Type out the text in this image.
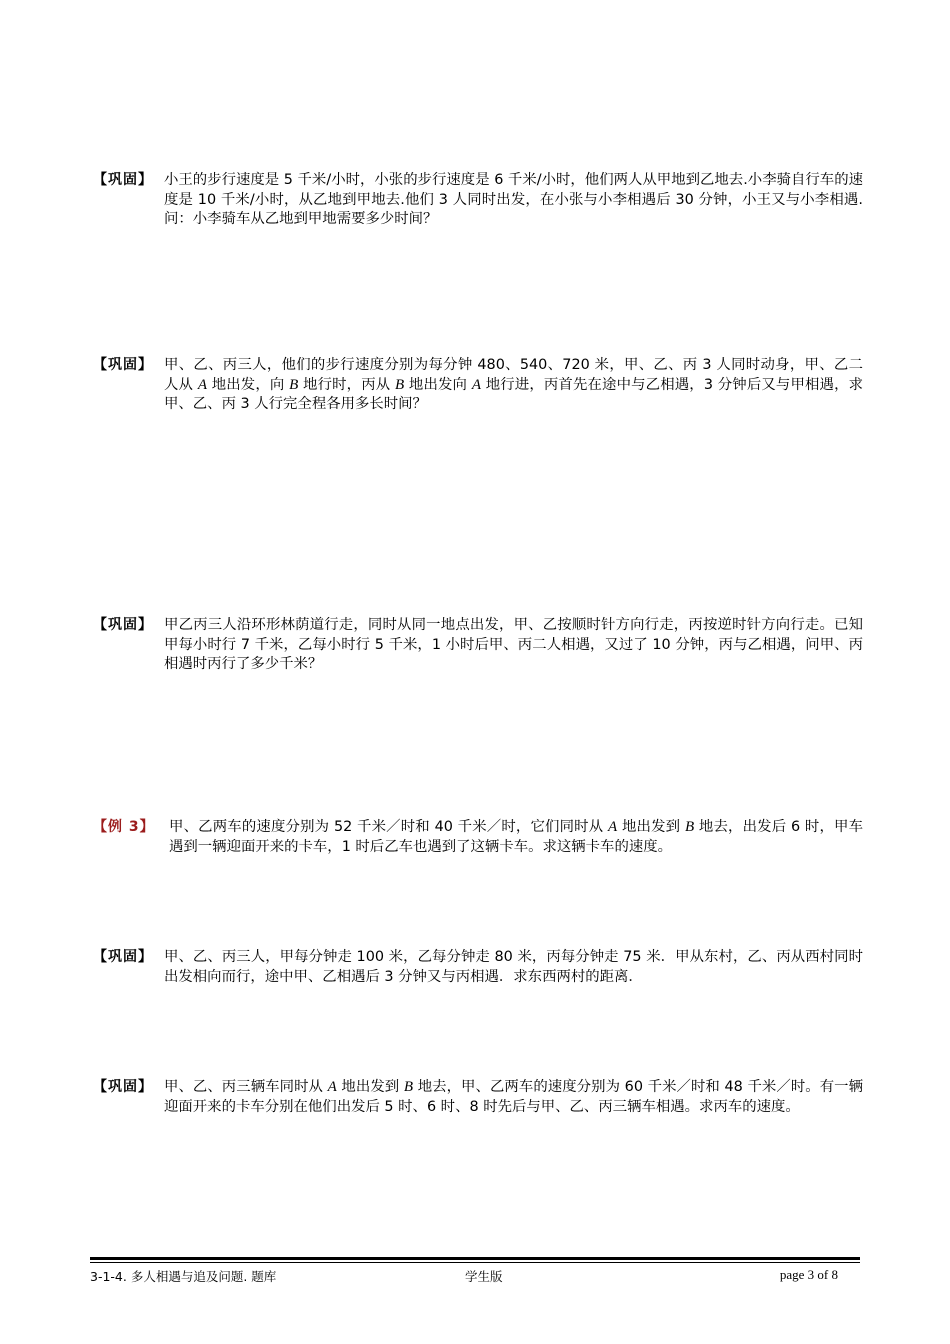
【巩固】 小王的步行速度是 5 千米/小时，小张的步行速度是 6 千米/小时，他们两人从甲地到乙地去.小李骑自行车的速度是 10 千米/小时，从乙地到甲地去.他们 3 人同时出发，在小张与小李相遇后 30 分钟，小王又与小李相遇.问：小李骑车从乙地到甲地需要多少时间？
【巩固】 甲、乙、丙三人，他们的步行速度分别为每分钟 480、540、720 米，甲、乙、丙 3 人同时动身，甲、乙二人从 A 地出发，向 B 地行时，丙从 B 地出发向 A 地行进，丙首先在途中与乙相遇，3 分钟后又与甲相遇，求甲、乙、丙 3 人行完全程各用多长时间？
【巩固】 甲乙丙三人沿环形林荫道行走，同时从同一地点出发，甲、乙按顺时针方向行走，丙按逆时针方向行走。已知甲每小时行 7 千米，乙每小时行 5 千米，1 小时后甲、丙二人相遇，又过了 10 分钟，丙与乙相遇，问甲、丙相遇时丙行了多少千米？
【例 3】 甲、乙两车的速度分别为 52 千米／时和 40 千米／时，它们同时从 A 地出发到 B 地去，出发后 6 时，甲车遇到一辆迎面开来的卡车，1 时后乙车也遇到了这辆卡车。求这辆卡车的速度。
【巩固】 甲、乙、丙三人，甲每分钟走 100 米，乙每分钟走 80 米，丙每分钟走 75 米．甲从东村，乙、丙从西村同时出发相向而行，途中甲、乙相遇后 3 分钟又与丙相遇．求东西两村的距离．
【巩固】 甲、乙、丙三辆车同时从 A 地出发到 B 地去，甲、乙两车的速度分别为 60 千米／时和 48 千米／时。有一辆迎面开来的卡车分别在他们出发后 5 时、6 时、8 时先后与甲、乙、丙三辆车相遇。求丙车的速度。
3-1-4. 多人相遇与追及问题. 题库	学生版	page 3 of 8
